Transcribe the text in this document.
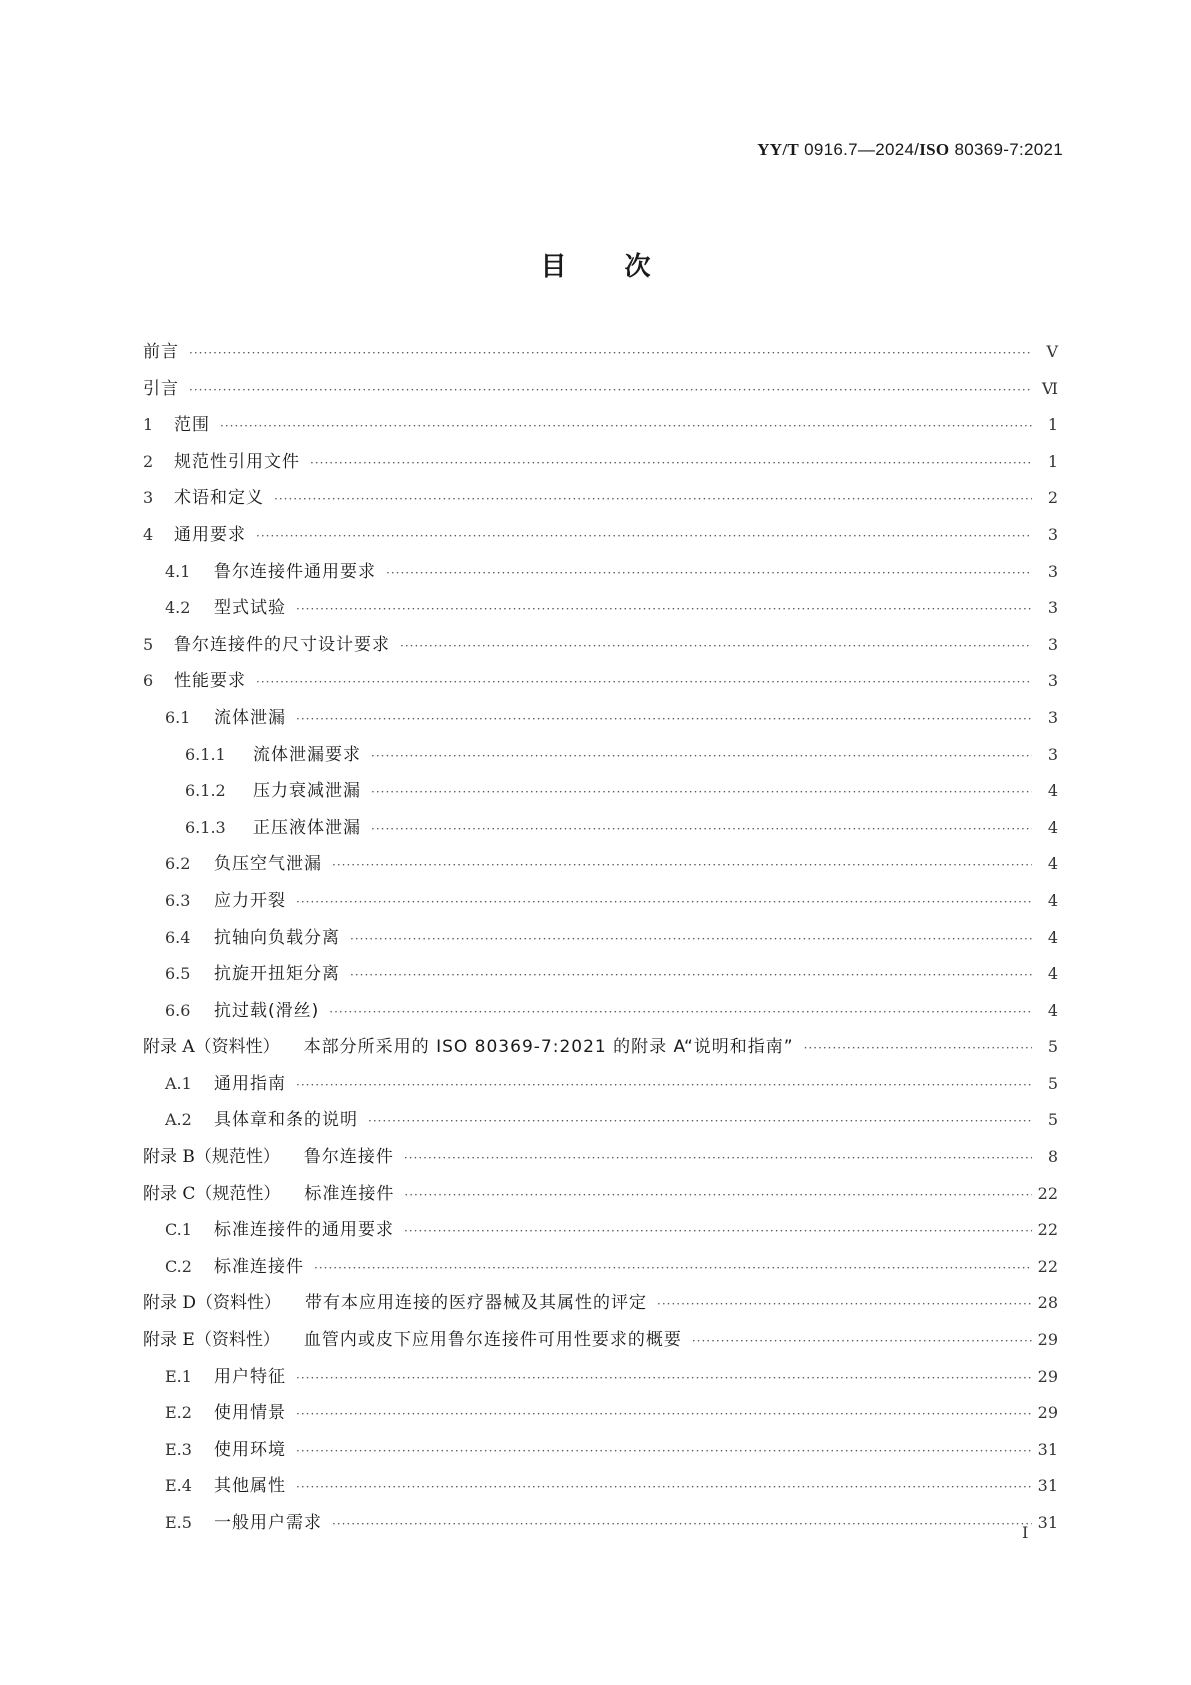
YY/T 0916.7—2024/ISO 80369-7:2021
目次
前言 ·····	Ⅴ
引言 ·····	Ⅵ
1	范围 ·····	1
2	规范性引用文件 ·····	1
3	术语和定义 ·····	2
4	通用要求 ·····	3
4.1	鲁尔连接件通用要求 ·····	3
4.2	型式试验 ·····	3
5	鲁尔连接件的尺寸设计要求 ·····	3
6	性能要求 ·····	3
6.1	流体泄漏 ·····	3
6.1.1	流体泄漏要求 ·····	3
6.1.2	压力衰减泄漏 ·····	4
6.1.3	正压液体泄漏 ·····	4
6.2	负压空气泄漏 ·····	4
6.3	应力开裂 ·····	4
6.4	抗轴向负载分离 ·····	4
6.5	抗旋开扭矩分离 ·····	4
6.6	抗过载(滑丝) ·····	4
附录 A（资料性） 本部分所采用的 ISO 80369-7:2021 的附录 A“说明和指南” ·····	5
A.1	通用指南 ·····	5
A.2	具体章和条的说明 ·····	5
附录 B（规范性） 鲁尔连接件 ·····	8
附录 C（规范性） 标准连接件 ·····	22
C.1	标准连接件的通用要求 ·····	22
C.2	标准连接件 ·····	22
附录 D（资料性） 带有本应用连接的医疗器械及其属性的评定 ·····	28
附录 E（资料性） 血管内或皮下应用鲁尔连接件可用性要求的概要 ·····	29
E.1	用户特征 ·····	29
E.2	使用情景 ·····	29
E.3	使用环境 ·····	31
E.4	其他属性 ·····	31
E.5	一般用户需求 ·····	31
Ⅰ
